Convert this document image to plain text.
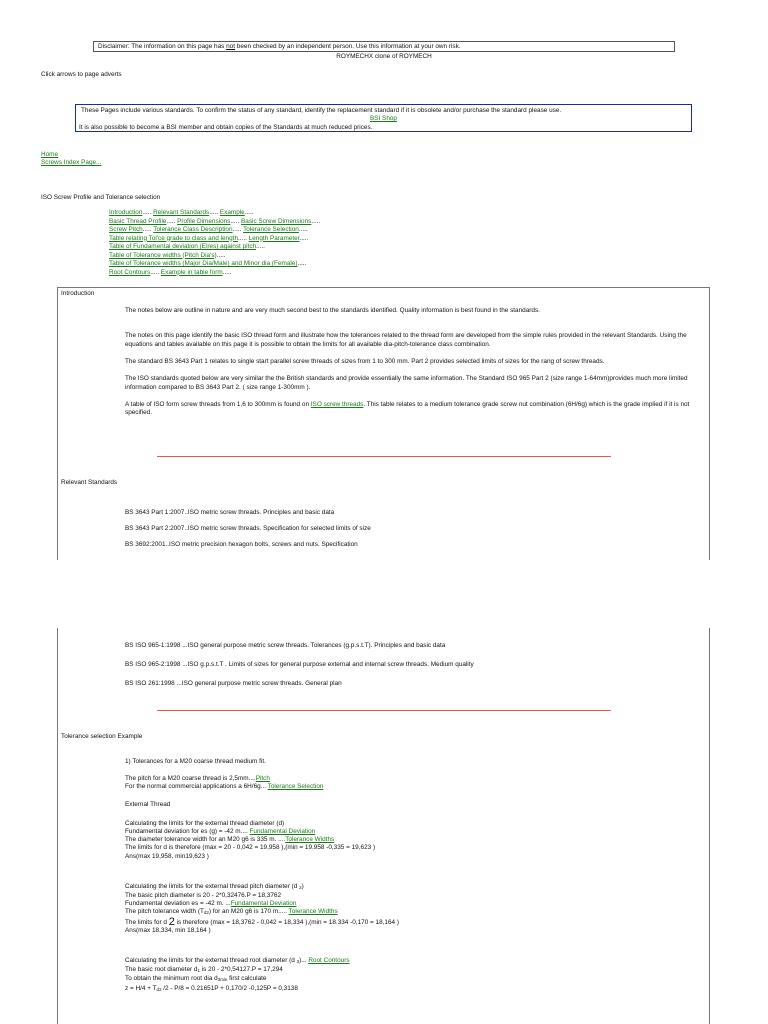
Disclaimer: The information on this page has not been checked by an independent person. Use this information at your own risk.
ROYMECHX clone of ROYMECH
Click arrows to page adverts
These Pages include various standards. To confirm the status of any standard, identify the replacement standard if it is obsolete and/or purchase the standard please use.
BSI Shop
It is also possible to become a BSI member and obtain copies of the Standards at much reduced prices.
Home
Screws Index Page...
ISO Screw Profile and Tolerance selection
Introduction..... Relevant Standards..... Example.....
Basic Thread Profile..... Profile Dimensions..... Basic Screw Dimensions.....
Screw Pitch..... Tolerance Class Description..... Tolerance Selection.....
Table relating Tol'ce grade to class and length..... Length Parameter.....
Table of Fundamental deviation (EI/es) against pitch.....
Table of Tolerance widths (Pitch Dia's).....
Table of Tolerance widths (Major Dia/Male) and Minor dia (Female).....
Root Contours..... Example in table form.....
Introduction

The notes below are outline in nature and are very much second best to the standards identified. Quality information is best found in the standards.

The notes on this page identify the basic ISO thread form and illustrate how the tolerances related to the thread form are developed from the simple rules provided in the relevant Standards. Using the equations and tables available on this page it is possible to obtain the limits for all available dia-pitch-tolerance class combination.

The standard BS 3643 Part 1 relates to single start parallel screw threads of sizes from 1 to 300 mm. Part 2 provides selected limits of sizes for the rang of screw threads.

The ISO standards quoted below are very similar the the British standards and provide essentially the same information. The Standard ISO 965 Part 2 (size range 1-64mm)provides much more limited information compared to BS 3643 Part 2. ( size range 1-300mm ).

A table of ISO form screw threads from 1,6 to 300mm is found on ISO screw threads. This table relates to a medium tolerance grade screw nut combination (6H/6g) which is the grade implied if it is not specified.

Relevant Standards
BS 3643 Part 1:2007..ISO metric screw threads. Principles and basic data
BS 3643 Part 2:2007..ISO metric screw threads. Specification for selected limits of size
BS 3692:2001..ISO metric precision hexagon bolts, screws and nuts. Specification
BS ISO 965-1:1998 ...ISO general purpose metric screw threads. Tolerances (g.p.s.t.T). Principles and basic data
BS ISO 965-2:1998 ...ISO g.p.s.t.T . Limits of sizes for general purpose external and internal screw threads. Medium quality
BS ISO 261:1998 ...ISO general purpose metric screw threads. General plan
Tolerance selection Example

1) Tolerances for a M20 coarse thread medium fit.

The pitch for a M20 coarse thread is 2,5mm....Pitch

For the normal commercial applications a 6H/6g... Tolerance Selection

External Thread

Calculating the limits for the external thread diameter (d)

Fundamental deviation for es (g) = -42 m.... Fundamental Deviation

The diameter tolerance width for an M20 g6 is 335 m. ....Tolerance Widths

The limits for d is therefore (max = 20 - 0,042 = 19,958 ),(min = 19.958 -0,335 = 19,623 )

Ans(max 19,958, min19,623 )

Calculating the limits for the external thread pitch diameter (d $_2$)

The basic pitch diameter is 20 - 2*0,32476.P = 18,3762

Fundamental deviation es = -42 m. ...Fundamental Deviation

The pitch tolerance width $(T_{d2})$ for an M20 g6 is 170 m..... Tolerance Widths

The limits for d 2 is therefore (max = 18,3762 - 0,042 = 18,334 ),(min = 18.334 -0,170 = 18,164 )

Ans(max 18,334, min 18,164 )

Calculating the limits for the external thread root diameter (d $_3$)... Root Contours

The basic root diameter $d_1$ is 20 - 2*0,54127.P = 17,294

To obtain the minimum root dia $d_{3min}$ first calculate

$z = H/4 + T_{d2}$ /2 - P/8 = 0.21651P + 0,170/2 -0,125P = 0,3138
